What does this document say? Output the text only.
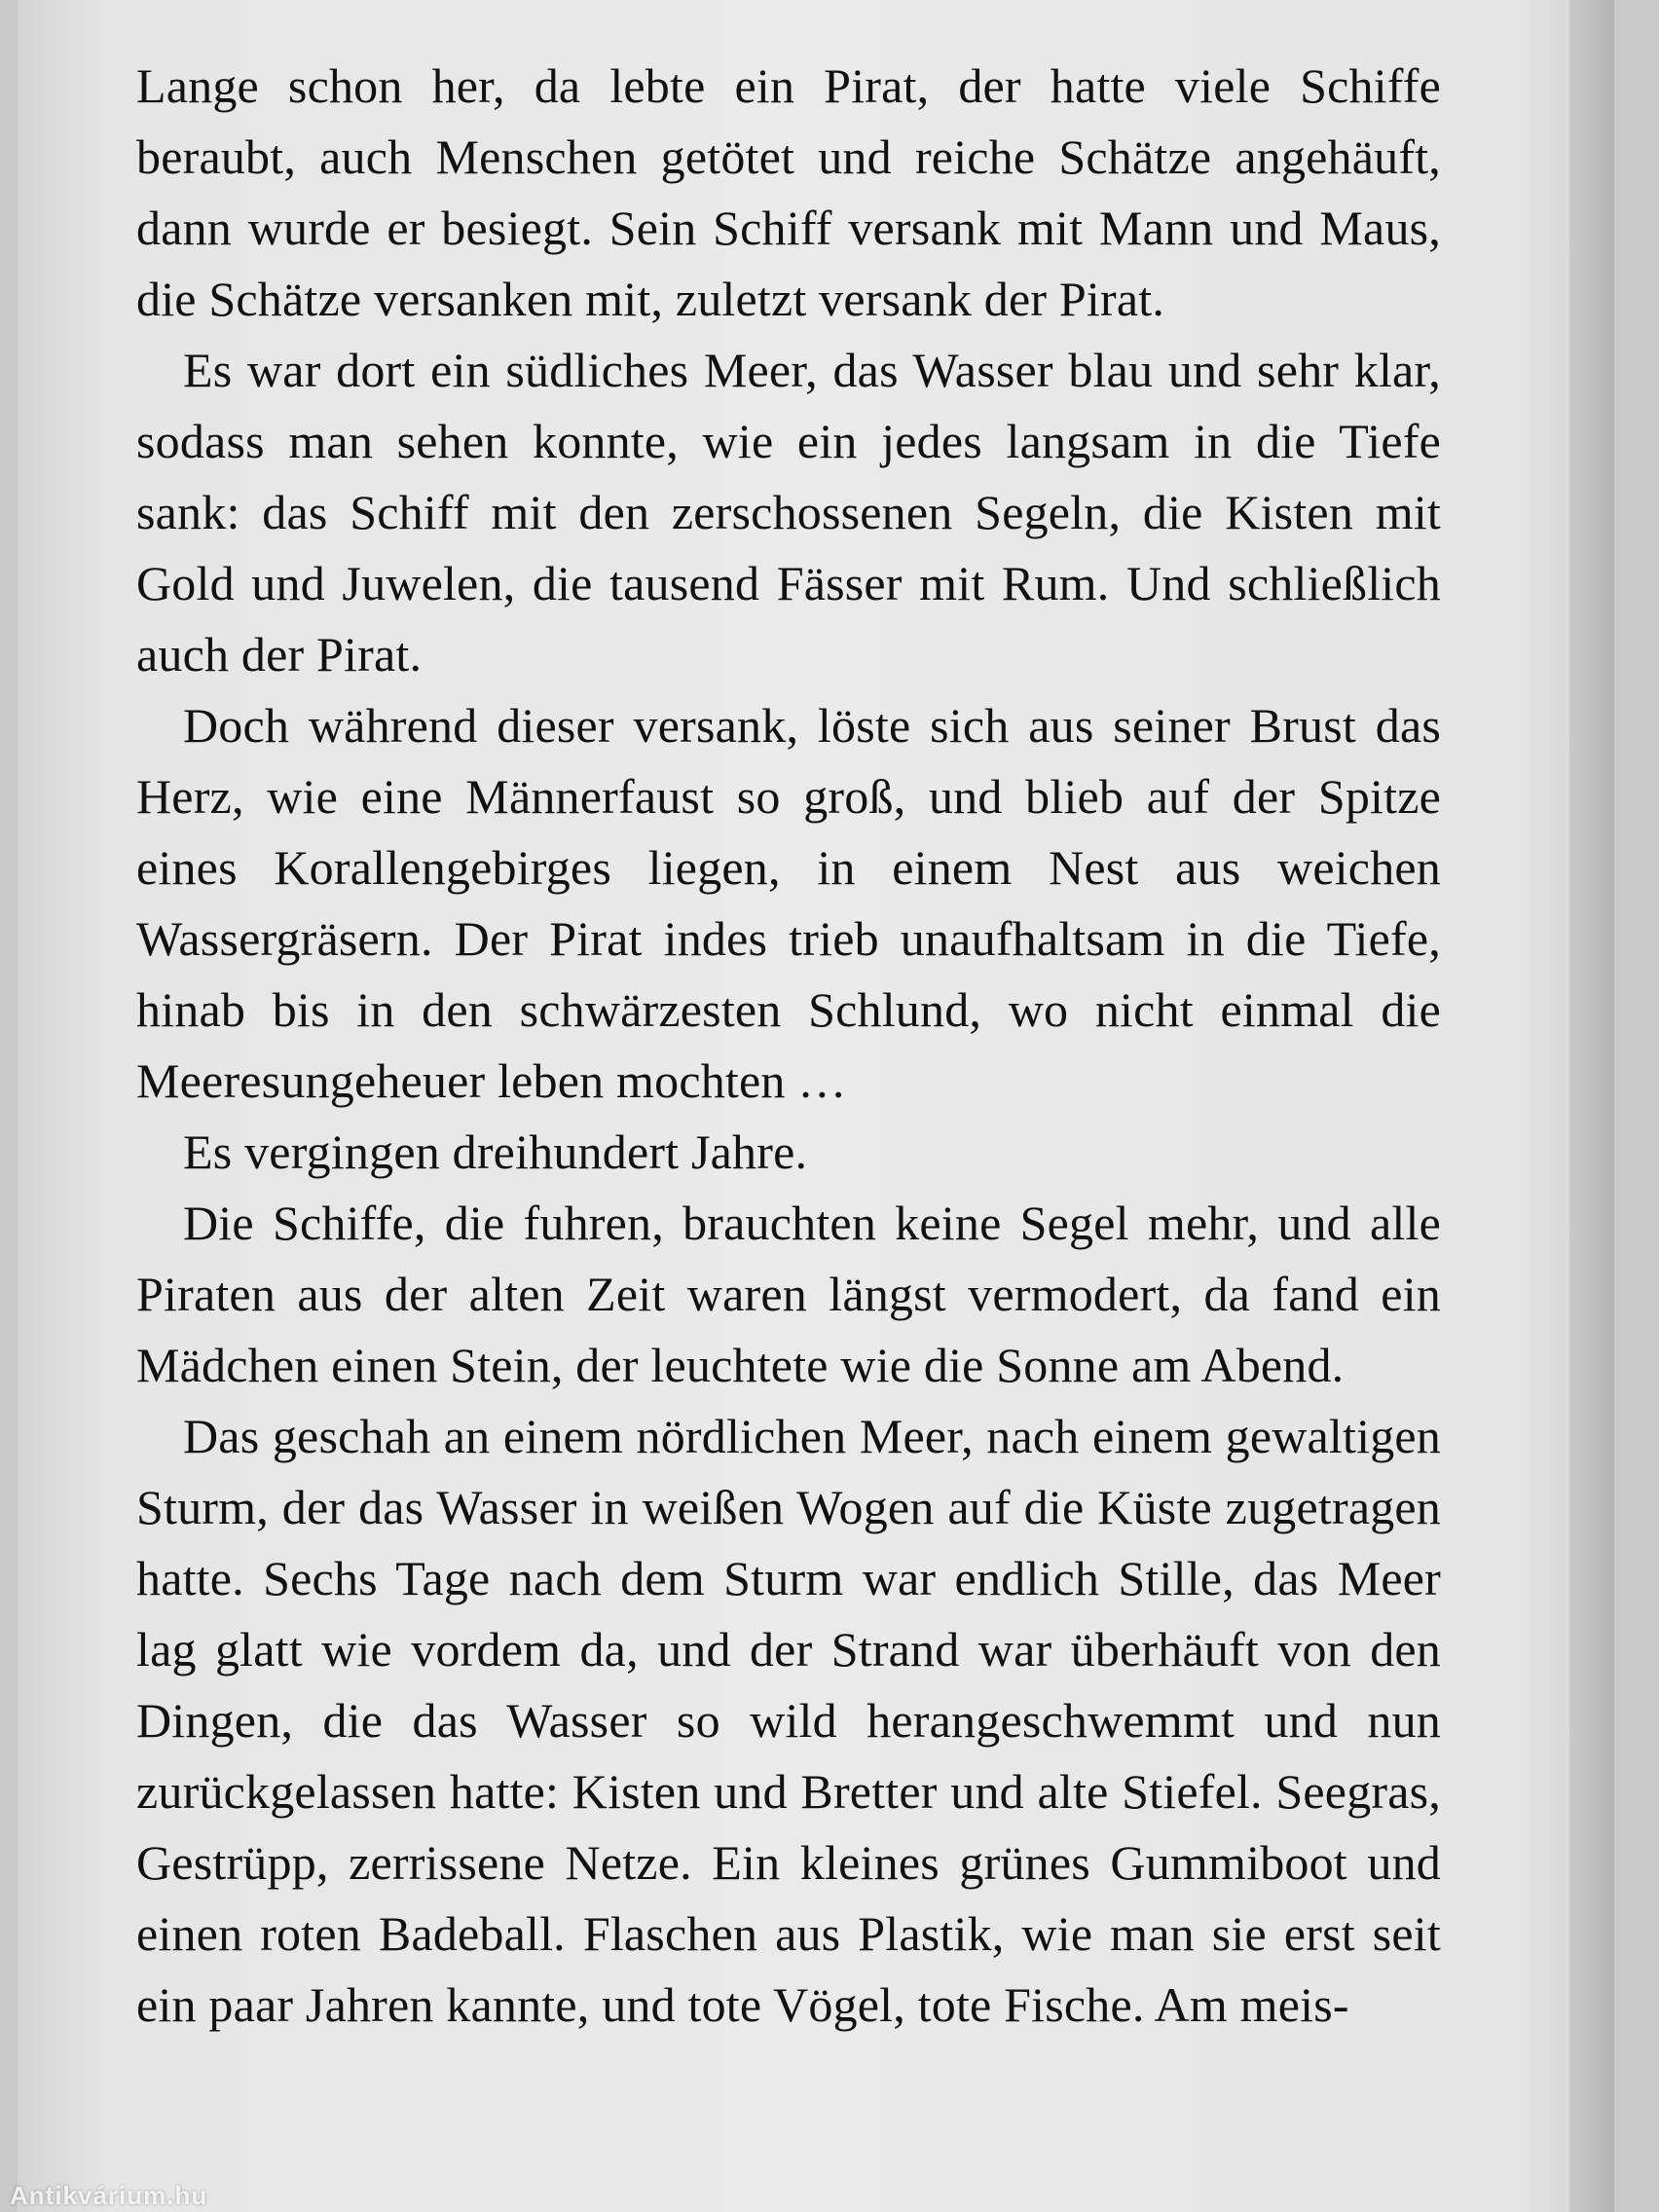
Lange schon her, da lebte ein Pirat, der hatte viele Schiffe beraubt, auch Menschen getötet und reiche Schätze angehäuft, dann wurde er besiegt. Sein Schiff versank mit Mann und Maus, die Schätze versanken mit, zuletzt versank der Pirat.

Es war dort ein südliches Meer, das Wasser blau und sehr klar, sodass man sehen konnte, wie ein jedes langsam in die Tiefe sank: das Schiff mit den zerschossenen Segeln, die Kisten mit Gold und Juwelen, die tausend Fässer mit Rum. Und schließlich auch der Pirat.

Doch während dieser versank, löste sich aus seiner Brust das Herz, wie eine Männerfaust so groß, und blieb auf der Spitze eines Korallengebirges liegen, in einem Nest aus weichen Wassergräsern. Der Pirat indes trieb unaufhaltsam in die Tiefe, hinab bis in den schwärzesten Schlund, wo nicht einmal die Meeresungeheuer leben mochten …

Es vergingen dreihundert Jahre.

Die Schiffe, die fuhren, brauchten keine Segel mehr, und alle Piraten aus der alten Zeit waren längst vermodert, da fand ein Mädchen einen Stein, der leuchtete wie die Sonne am Abend.

Das geschah an einem nördlichen Meer, nach einem gewaltigen Sturm, der das Wasser in weißen Wogen auf die Küste zugetragen hatte. Sechs Tage nach dem Sturm war endlich Stille, das Meer lag glatt wie vordem da, und der Strand war überhäuft von den Dingen, die das Wasser so wild herangeschwemmt und nun zurückgelassen hatte: Kisten und Bretter und alte Stiefel. Seegras, Gestrüpp, zerrissene Netze. Ein kleines grünes Gummiboot und einen roten Badeball. Flaschen aus Plastik, wie man sie erst seit ein paar Jahren kannte, und tote Vögel, tote Fische. Am meis-

Antikvárium.hu
